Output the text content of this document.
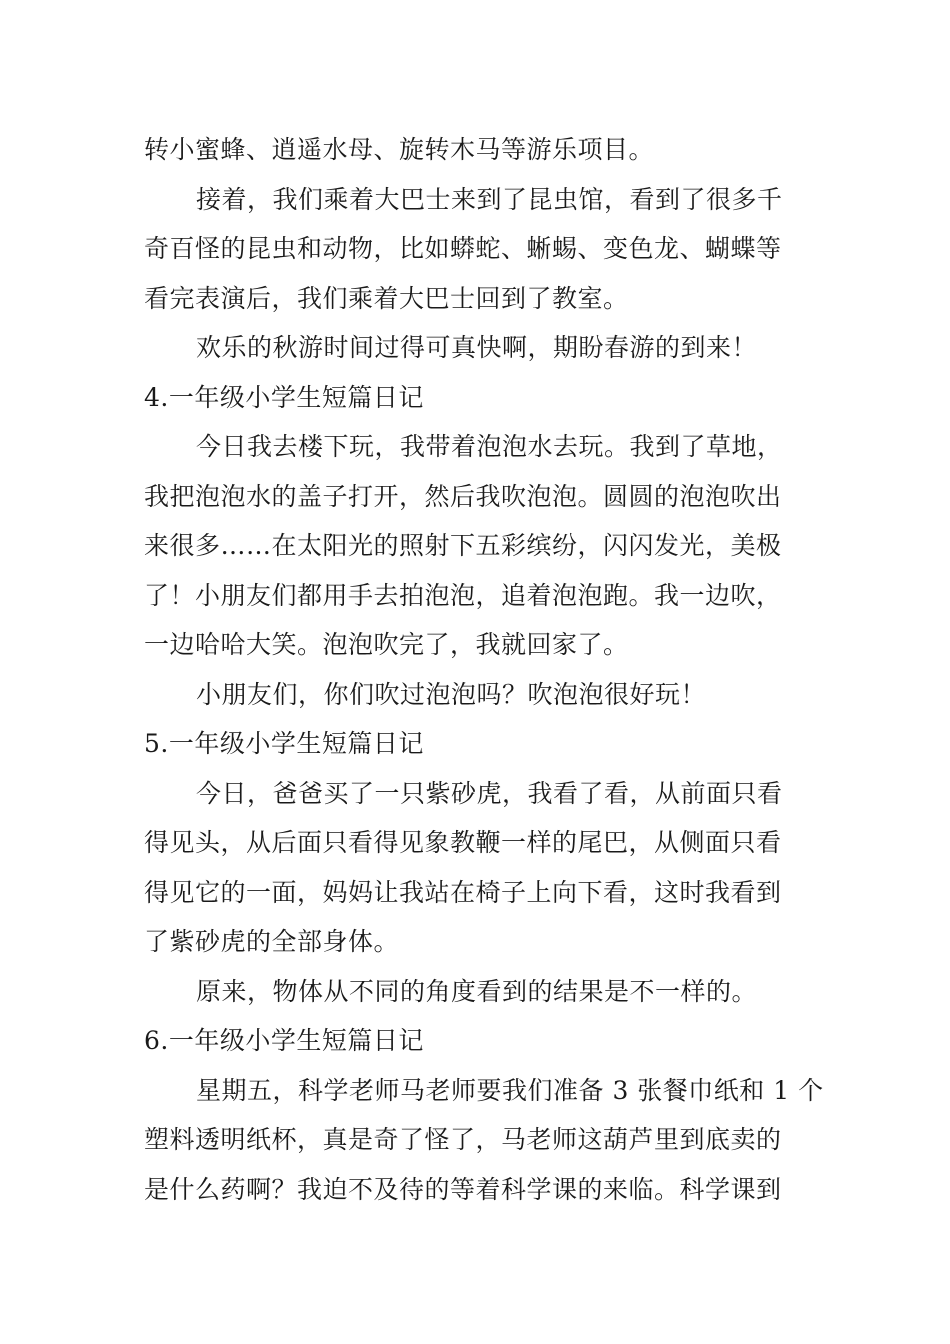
转小蜜蜂、逍遥水母、旋转木马等游乐项目。
接着，我们乘着大巴士来到了昆虫馆，看到了很多千
奇百怪的昆虫和动物，比如蟒蛇、蜥蜴、变色龙、蝴蝶等
看完表演后，我们乘着大巴士回到了教室。
欢乐的秋游时间过得可真快啊，期盼春游的到来！
4.一年级小学生短篇日记
今日我去楼下玩，我带着泡泡水去玩。我到了草地，
我把泡泡水的盖子打开，然后我吹泡泡。圆圆的泡泡吹出
来很多……在太阳光的照射下五彩缤纷，闪闪发光，美极
了！小朋友们都用手去拍泡泡，追着泡泡跑。我一边吹，
一边哈哈大笑。泡泡吹完了，我就回家了。
小朋友们，你们吹过泡泡吗？吹泡泡很好玩！
5.一年级小学生短篇日记
今日，爸爸买了一只紫砂虎，我看了看，从前面只看
得见头，从后面只看得见象教鞭一样的尾巴，从侧面只看
得见它的一面，妈妈让我站在椅子上向下看，这时我看到
了紫砂虎的全部身体。
原来，物体从不同的角度看到的结果是不一样的。
6.一年级小学生短篇日记
星期五，科学老师马老师要我们准备 3 张餐巾纸和 1 个
塑料透明纸杯，真是奇了怪了，马老师这葫芦里到底卖的
是什么药啊？我迫不及待的等着科学课的来临。科学课到
